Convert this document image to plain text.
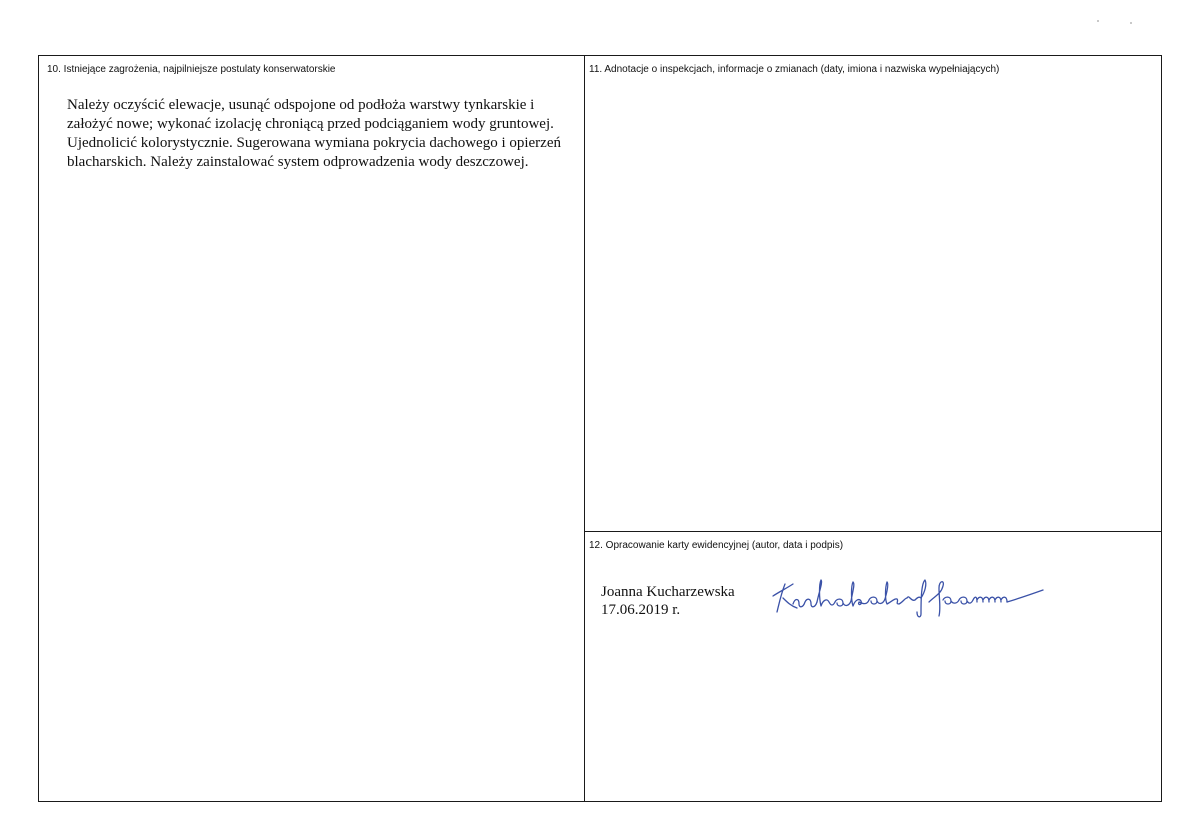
10. Istniejące zagrożenia, najpilniejsze postulaty konserwatorskie

Należy oczyścić elewacje, usunąć odspojone od podłoża warstwy tynkarskie i założyć nowe; wykonać izolację chroniącą przed podciąganiem wody gruntowej. Ujednolicić kolorystycznie. Sugerowana wymiana pokrycia dachowego i opierzeń blacharskich. Należy zainstalować system odprowadzenia wody deszczowej.

11. Adnotacje o inspekcjach, informacje o zmianach (daty, imiona i nazwiska wypełniających)
12. Opracowanie karty ewidencyjnej (autor, data i podpis)
Joanna Kucharzewska
17.06.2019 r.
